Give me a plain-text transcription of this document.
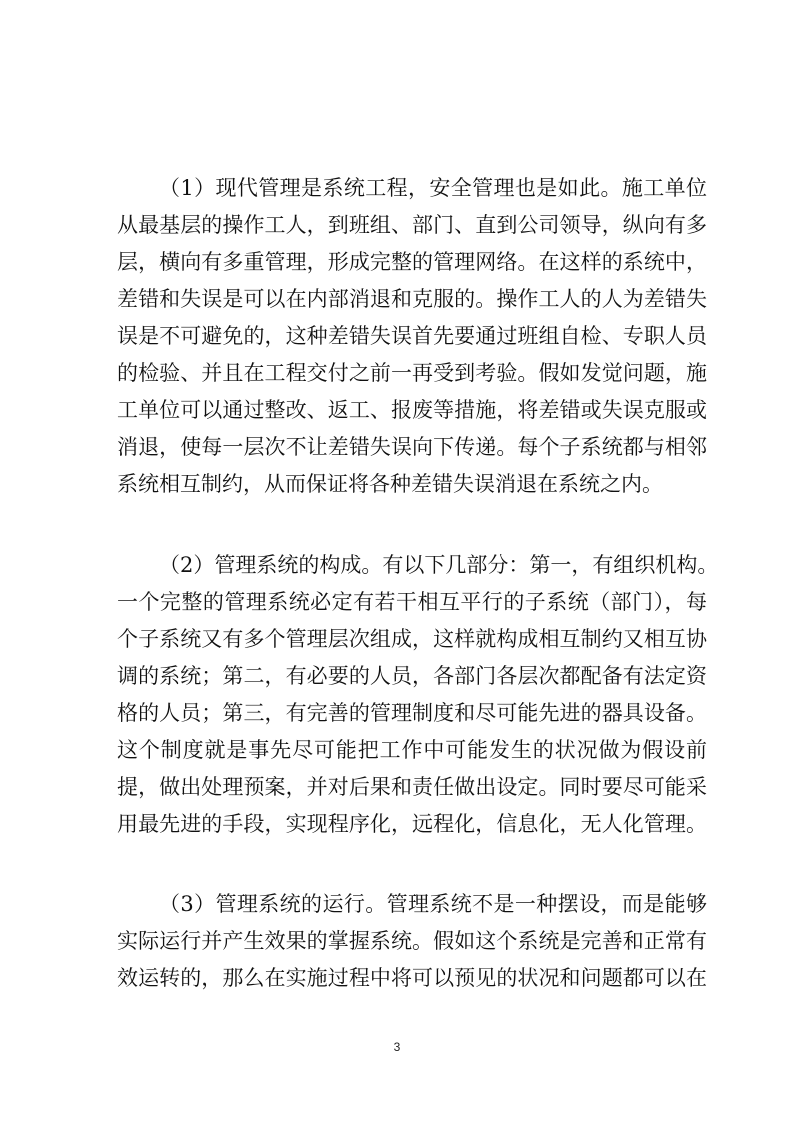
（1）现代管理是系统工程，安全管理也是如此。施工单位
从最基层的操作工人，到班组、部门、直到公司领导，纵向有多
层，横向有多重管理，形成完整的管理网络。在这样的系统中，
差错和失误是可以在内部消退和克服的。操作工人的人为差错失
误是不可避免的，这种差错失误首先要通过班组自检、专职人员
的检验、并且在工程交付之前一再受到考验。假如发觉问题，施
工单位可以通过整改、返工、报废等措施，将差错或失误克服或
消退，使每一层次不让差错失误向下传递。每个子系统都与相邻
系统相互制约，从而保证将各种差错失误消退在系统之内。
（2）管理系统的构成。有以下几部分：第一，有组织机构。
一个完整的管理系统必定有若干相互平行的子系统（部门），每
个子系统又有多个管理层次组成，这样就构成相互制约又相互协
调的系统；第二，有必要的人员，各部门各层次都配备有法定资
格的人员；第三，有完善的管理制度和尽可能先进的器具设备。
这个制度就是事先尽可能把工作中可能发生的状况做为假设前
提，做出处理预案，并对后果和责任做出设定。同时要尽可能采
用最先进的手段，实现程序化，远程化，信息化，无人化管理。
（3）管理系统的运行。管理系统不是一种摆设，而是能够
实际运行并产生效果的掌握系统。假如这个系统是完善和正常有
效运转的，那么在实施过程中将可以预见的状况和问题都可以在
3
